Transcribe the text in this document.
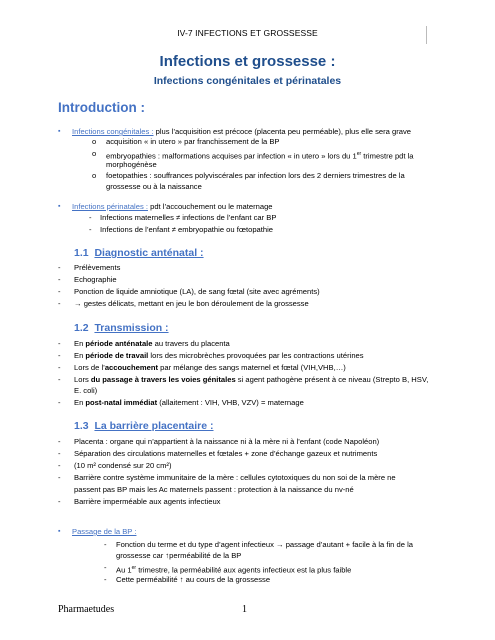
IV-7 INFECTIONS ET GROSSESSE
Infections et grossesse :
Infections congénitales et périnatales
Introduction :
▪ Infections congénitales : plus l’acquisition est précoce (placenta peu perméable), plus elle sera grave
o acquisition « in utero » par franchissement de la BP
o embryopathies : malformations acquises par infection « in utero » lors du 1er trimestre pdt la
morphogénèse
o foetopathies : souffrances polyviscérales par infection lors des 2 derniers trimestres de la
grossesse ou à la naissance
▪ Infections périnatales : pdt l’accouchement ou le maternage
- Infections maternelles ≠ infections de l’enfant car BP
- Infections de l’enfant ≠ embryopathie ou fœtopathie
1.1 Diagnostic anténatal :
- Prélèvements
- Echographie
- Ponction de liquide amniotique (LA), de sang fœtal (site avec agréments)
- → gestes délicats, mettant en jeu le bon déroulement de la grossesse
1.2 Transmission :
- En période anténatale au travers du placenta
- En période de travail lors des microbrèches provoquées par les contractions utérines
- Lors de l’accouchement par mélange des sangs maternel et fœtal (VIH,VHB,…)
- Lors du passage à travers les voies génitales si agent pathogène présent à ce niveau (Strepto B, HSV,
E. coli)
- En post-natal immédiat (allaitement : VIH, VHB, VZV) = maternage
1.3 La barrière placentaire :
- Placenta : organe qui n’appartient à la naissance ni à la mère ni à l’enfant (code Napoléon)
- Séparation des circulations maternelles et fœtales + zone d’échange gazeux et nutriments
- (10 m² condensé sur 20 cm²)
- Barrière contre système immunitaire de la mère : cellules cytotoxiques du non soi de la mère ne
passent pas BP mais les Ac maternels passent : protection à la naissance du nv-né
- Barrière imperméable aux agents infectieux
▪ Passage de la BP :
- Fonction du terme et du type d’agent infectieux → passage d’autant + facile à la fin de la
grossesse car ↑perméabilité de la BP
- Au 1er trimestre, la perméabilité aux agents infectieux est la plus faible
- Cette perméabilité ↑ au cours de la grossesse
Pharmaetudes	1
